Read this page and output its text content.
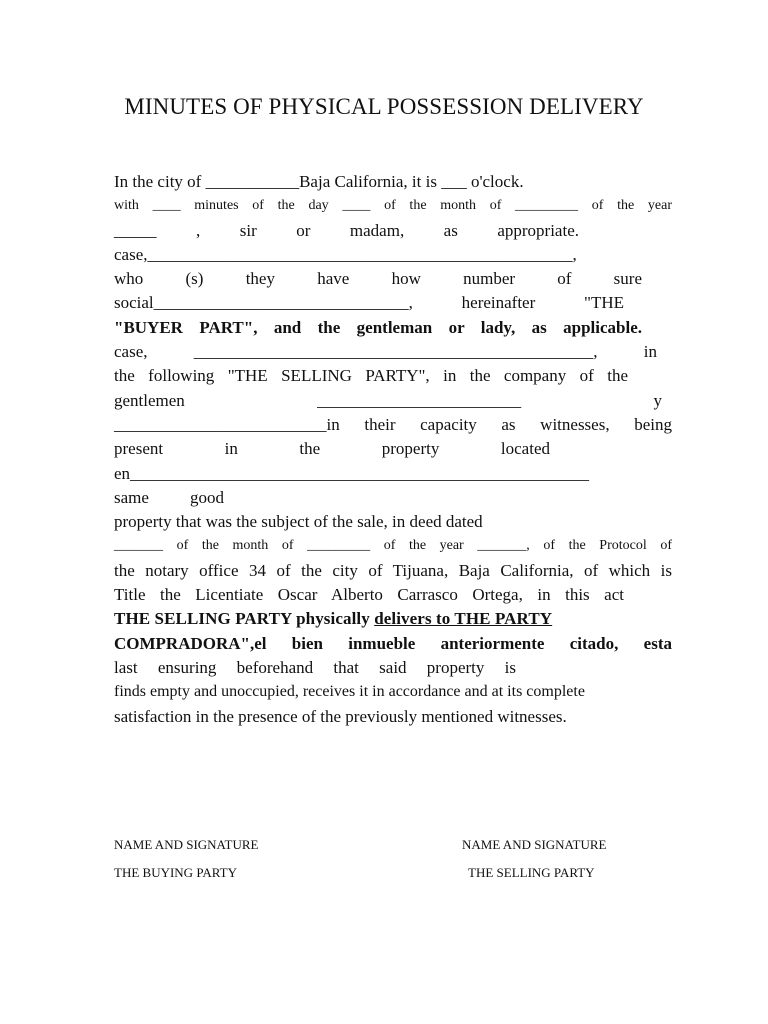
MINUTES OF PHYSICAL POSSESSION DELIVERY
In the city of ___________Baja California, it is ___ o'clock.
with ____ minutes of the day ____ of the month of _________ of the year
_____ , sir or madam, as appropriate.
case,__________________________________________________,
who (s) they have how number of sure
social______________________________, hereinafter "THE
"BUYER PART", and the gentleman or lady, as applicable.
case, _______________________________________________, in
the following "THE SELLING PARTY", in the company of the
gentlemen ________________________ y
_________________________in their capacity as witnesses, being
present in the property located
en______________________________________________________
same good
property that was the subject of the sale, in deed dated
_______ of the month of _________ of the year _______, of the Protocol of
the notary office 34 of the city of Tijuana, Baja California, of which is
Title the Licentiate Oscar Alberto Carrasco Ortega, in this act
THE SELLING PARTY physically delivers to THE PARTY
COMPRADORA",el bien inmueble anteriormente citado, esta
last ensuring beforehand that said property is
finds empty and unoccupied, receives it in accordance and at its complete
satisfaction in the presence of the previously mentioned witnesses.
NAME AND SIGNATURE
THE BUYING PARTY
NAME AND SIGNATURE
THE SELLING PARTY
